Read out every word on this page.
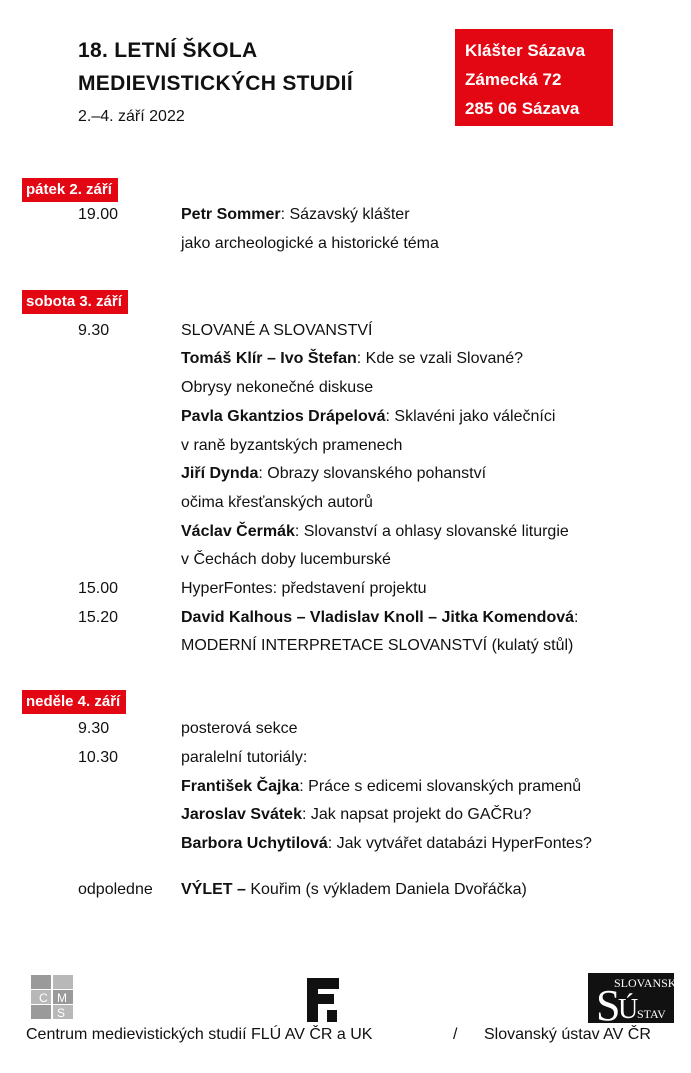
18. LETNÍ ŠKOLA
MEDIEVISTICKÝCH STUDIÍ
2.–4. září 2022
Klášter Sázava
Zámecká 72
285 06 Sázava
pátek 2. září
19.00	Petr Sommer: Sázavský klášter
jako archeologické a historické téma
sobota 3. září
9.30	SLOVANÉ A SLOVANSTVÍ
Tomáš Klír – Ivo Štefan: Kde se vzali Slované?
Obrysy nekonečné diskuse
Pavla Gkantzios Drápelová: Sklavéni jako válečníci
v raně byzantských pramenech
Jiří Dynda: Obrazy slovanského pohanství
očima křesťanských autorů
Václav Čermák: Slovanství a ohlasy slovanské liturgie
v Čechách doby lucemburské
15.00	HyperFontes: představení projektu
15.20	David Kalhous – Vladislav Knoll – Jitka Komendová:
MODERNÍ INTERPRETACE SLOVANSTVÍ (kulatý stůl)
neděle 4. září
9.30	posterová sekce
10.30	paralelní tutoriály:
František Čajka: Práce s edicemi slovanských pramenů
Jaroslav Svátek: Jak napsat projekt do GAČRu?
Barbora Uchytilová: Jak vytvářet databázi HyperFontes?
odpoledne VÝLET – Kouřim (s výkladem Daniela Dvořáčka)
C M
S	S
SLOVANSKÝ
Ú
STAV
Centrum medievistických studií FLÚ AV ČR a UK	/ Slovanský ústav AV ČR
